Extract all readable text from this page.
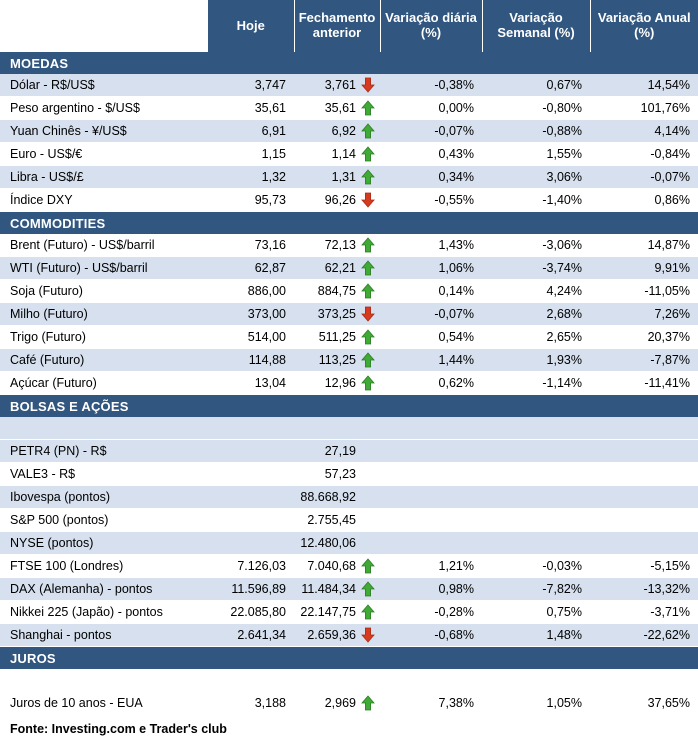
	Hoje	Fechamento anterior	Variação diária (%)	Variação Semanal (%)	Variação Anual (%)
MOEDAS					
Dólar - R$/US$	3,747	3,761	-0,38%	0,67%	14,54%
Peso argentino - $/US$	35,61	35,61	0,00%	-0,80%	101,76%
Yuan Chinês - ¥/US$	6,91	6,92	-0,07%	-0,88%	4,14%
Euro - US$/€	1,15	1,14	0,43%	1,55%	-0,84%
Libra - US$/£	1,32	1,31	0,34%	3,06%	-0,07%
Índice DXY	95,73	96,26	-0,55%	-1,40%	0,86%
COMMODITIES					
Brent (Futuro) - US$/barril	73,16	72,13	1,43%	-3,06%	14,87%
WTI (Futuro) - US$/barril	62,87	62,21	1,06%	-3,74%	9,91%
Soja (Futuro)	886,00	884,75	0,14%	4,24%	-11,05%
Milho (Futuro)	373,00	373,25	-0,07%	2,68%	7,26%
Trigo (Futuro)	514,00	511,25	0,54%	2,65%	20,37%
Café (Futuro)	114,88	113,25	1,44%	1,93%	-7,87%
Açúcar (Futuro)	13,04	12,96	0,62%	-1,14%	-11,41%
BOLSAS E AÇÕES					

PETR4 (PN) - R$		27,19			
VALE3 - R$		57,23			
Ibovespa (pontos)		88.668,92			
S&P 500 (pontos)		2.755,45			
NYSE (pontos)		12.480,06			
FTSE 100 (Londres)	7.126,03	7.040,68	1,21%	-0,03%	-5,15%
DAX (Alemanha) - pontos	11.596,89	11.484,34	0,98%	-7,82%	-13,32%
Nikkei 225 (Japão) - pontos	22.085,80	22.147,75	-0,28%	0,75%	-3,71%
Shanghai - pontos	2.641,34	2.659,36	-0,68%	1,48%	-22,62%
JUROS					

Juros de 10 anos - EUA	3,188	2,969	7,38%	1,05%	37,65%
Fonte: Investing.com e Trader's club
